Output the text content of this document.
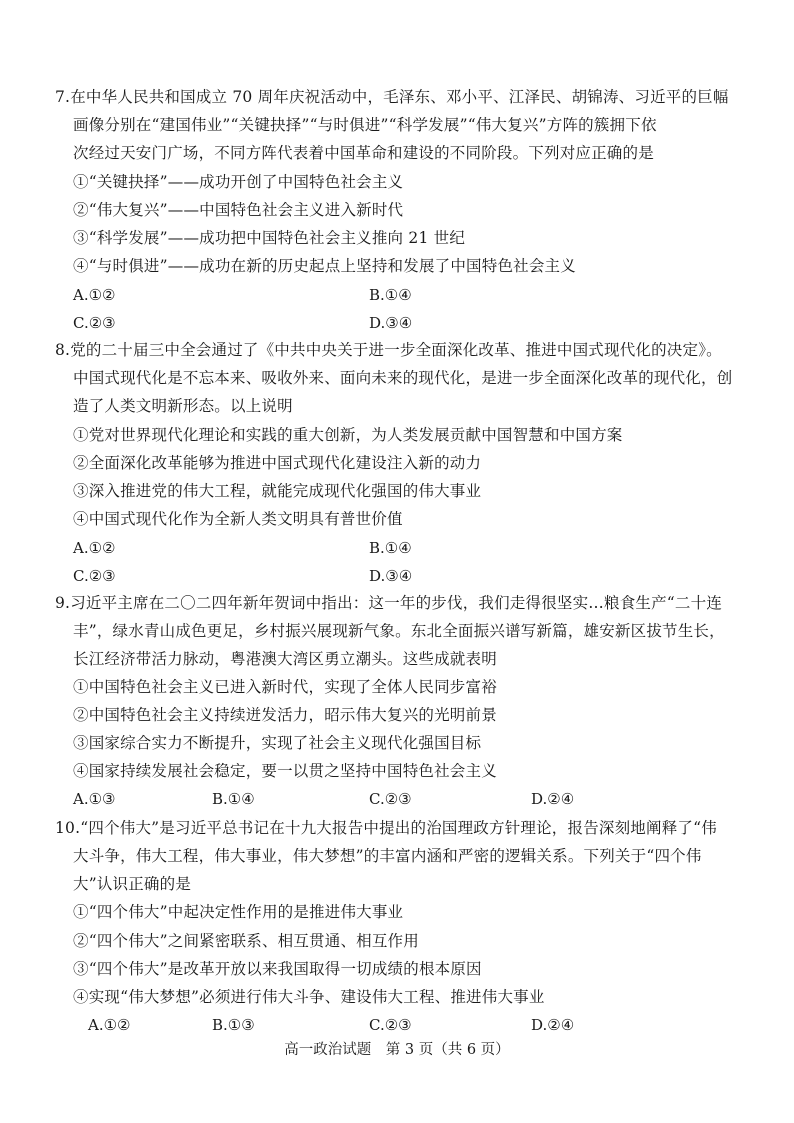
7.在中华人民共和国成立 70 周年庆祝活动中，毛泽东、邓小平、江泽民、胡锦涛、习近平的巨幅
画像分别在“建国伟业”“关键抉择”“与时俱进”“科学发展”“伟大复兴”方阵的簇拥下依
次经过天安门广场，不同方阵代表着中国革命和建设的不同阶段。下列对应正确的是
①“关键抉择”——成功开创了中国特色社会主义
②“伟大复兴”——中国特色社会主义进入新时代
③“科学发展”——成功把中国特色社会主义推向 21 世纪
④“与时俱进”——成功在新的历史起点上坚持和发展了中国特色社会主义
A.①②	B.①④
C.②③	D.③④
8.党的二十届三中全会通过了《中共中央关于进一步全面深化改革、推进中国式现代化的决定》。
中国式现代化是不忘本来、吸收外来、面向未来的现代化，是进一步全面深化改革的现代化，创
造了人类文明新形态。以上说明
①党对世界现代化理论和实践的重大创新，为人类发展贡献中国智慧和中国方案
②全面深化改革能够为推进中国式现代化建设注入新的动力
③深入推进党的伟大工程，就能完成现代化强国的伟大事业
④中国式现代化作为全新人类文明具有普世价值
A.①②	B.①④
C.②③	D.③④
9.习近平主席在二〇二四年新年贺词中指出：这一年的步伐，我们走得很坚实…粮食生产“二十连
丰”，绿水青山成色更足，乡村振兴展现新气象。东北全面振兴谱写新篇，雄安新区拔节生长，
长江经济带活力脉动，粤港澳大湾区勇立潮头。这些成就表明
①中国特色社会主义已进入新时代，实现了全体人民同步富裕
②中国特色社会主义持续迸发活力，昭示伟大复兴的光明前景
③国家综合实力不断提升，实现了社会主义现代化强国目标
④国家持续发展社会稳定，要一以贯之坚持中国特色社会主义
A.①③	B.①④	C.②③	D.②④
10.“四个伟大”是习近平总书记在十九大报告中提出的治国理政方针理论，报告深刻地阐释了“伟
大斗争，伟大工程，伟大事业，伟大梦想”的丰富内涵和严密的逻辑关系。下列关于“四个伟
大”认识正确的是
①“四个伟大”中起决定性作用的是推进伟大事业
②“四个伟大”之间紧密联系、相互贯通、相互作用
③“四个伟大”是改革开放以来我国取得一切成绩的根本原因
④实现“伟大梦想”必须进行伟大斗争、建设伟大工程、推进伟大事业
A.①②	B.①③	C.②③	D.②④
高一政治试题　第 3 页（共 6 页）
